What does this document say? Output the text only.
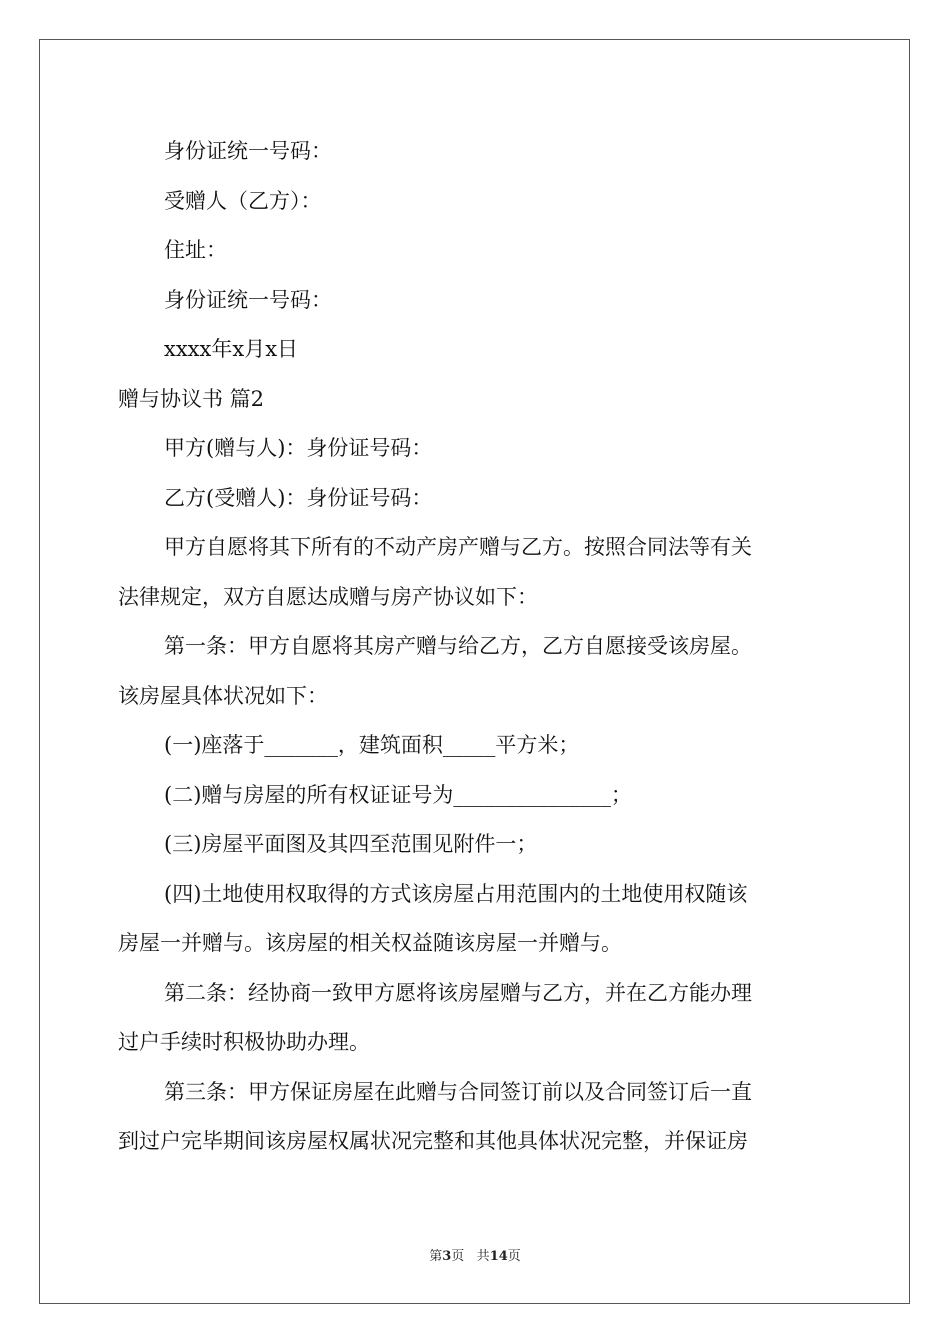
身份证统一号码：

受赠人（乙方）：

住址：

身份证统一号码：

xxxx年x月x日

赠与协议书 篇2

甲方(赠与人)：身份证号码：

乙方(受赠人)：身份证号码：

甲方自愿将其下所有的不动产房产赠与乙方。按照合同法等有关

法律规定，双方自愿达成赠与房产协议如下：

第一条：甲方自愿将其房产赠与给乙方，乙方自愿接受该房屋。

该房屋具体状况如下：

(一)座落于_______，建筑面积_____平方米；

(二)赠与房屋的所有权证证号为_______________；

(三)房屋平面图及其四至范围见附件一；

(四)土地使用权取得的方式该房屋占用范围内的土地使用权随该

房屋一并赠与。该房屋的相关权益随该房屋一并赠与。

第二条：经协商一致甲方愿将该房屋赠与乙方，并在乙方能办理

过户手续时积极协助办理。

第三条：甲方保证房屋在此赠与合同签订前以及合同签订后一直

到过户完毕期间该房屋权属状况完整和其他具体状况完整，并保证房

第3页 共14页
